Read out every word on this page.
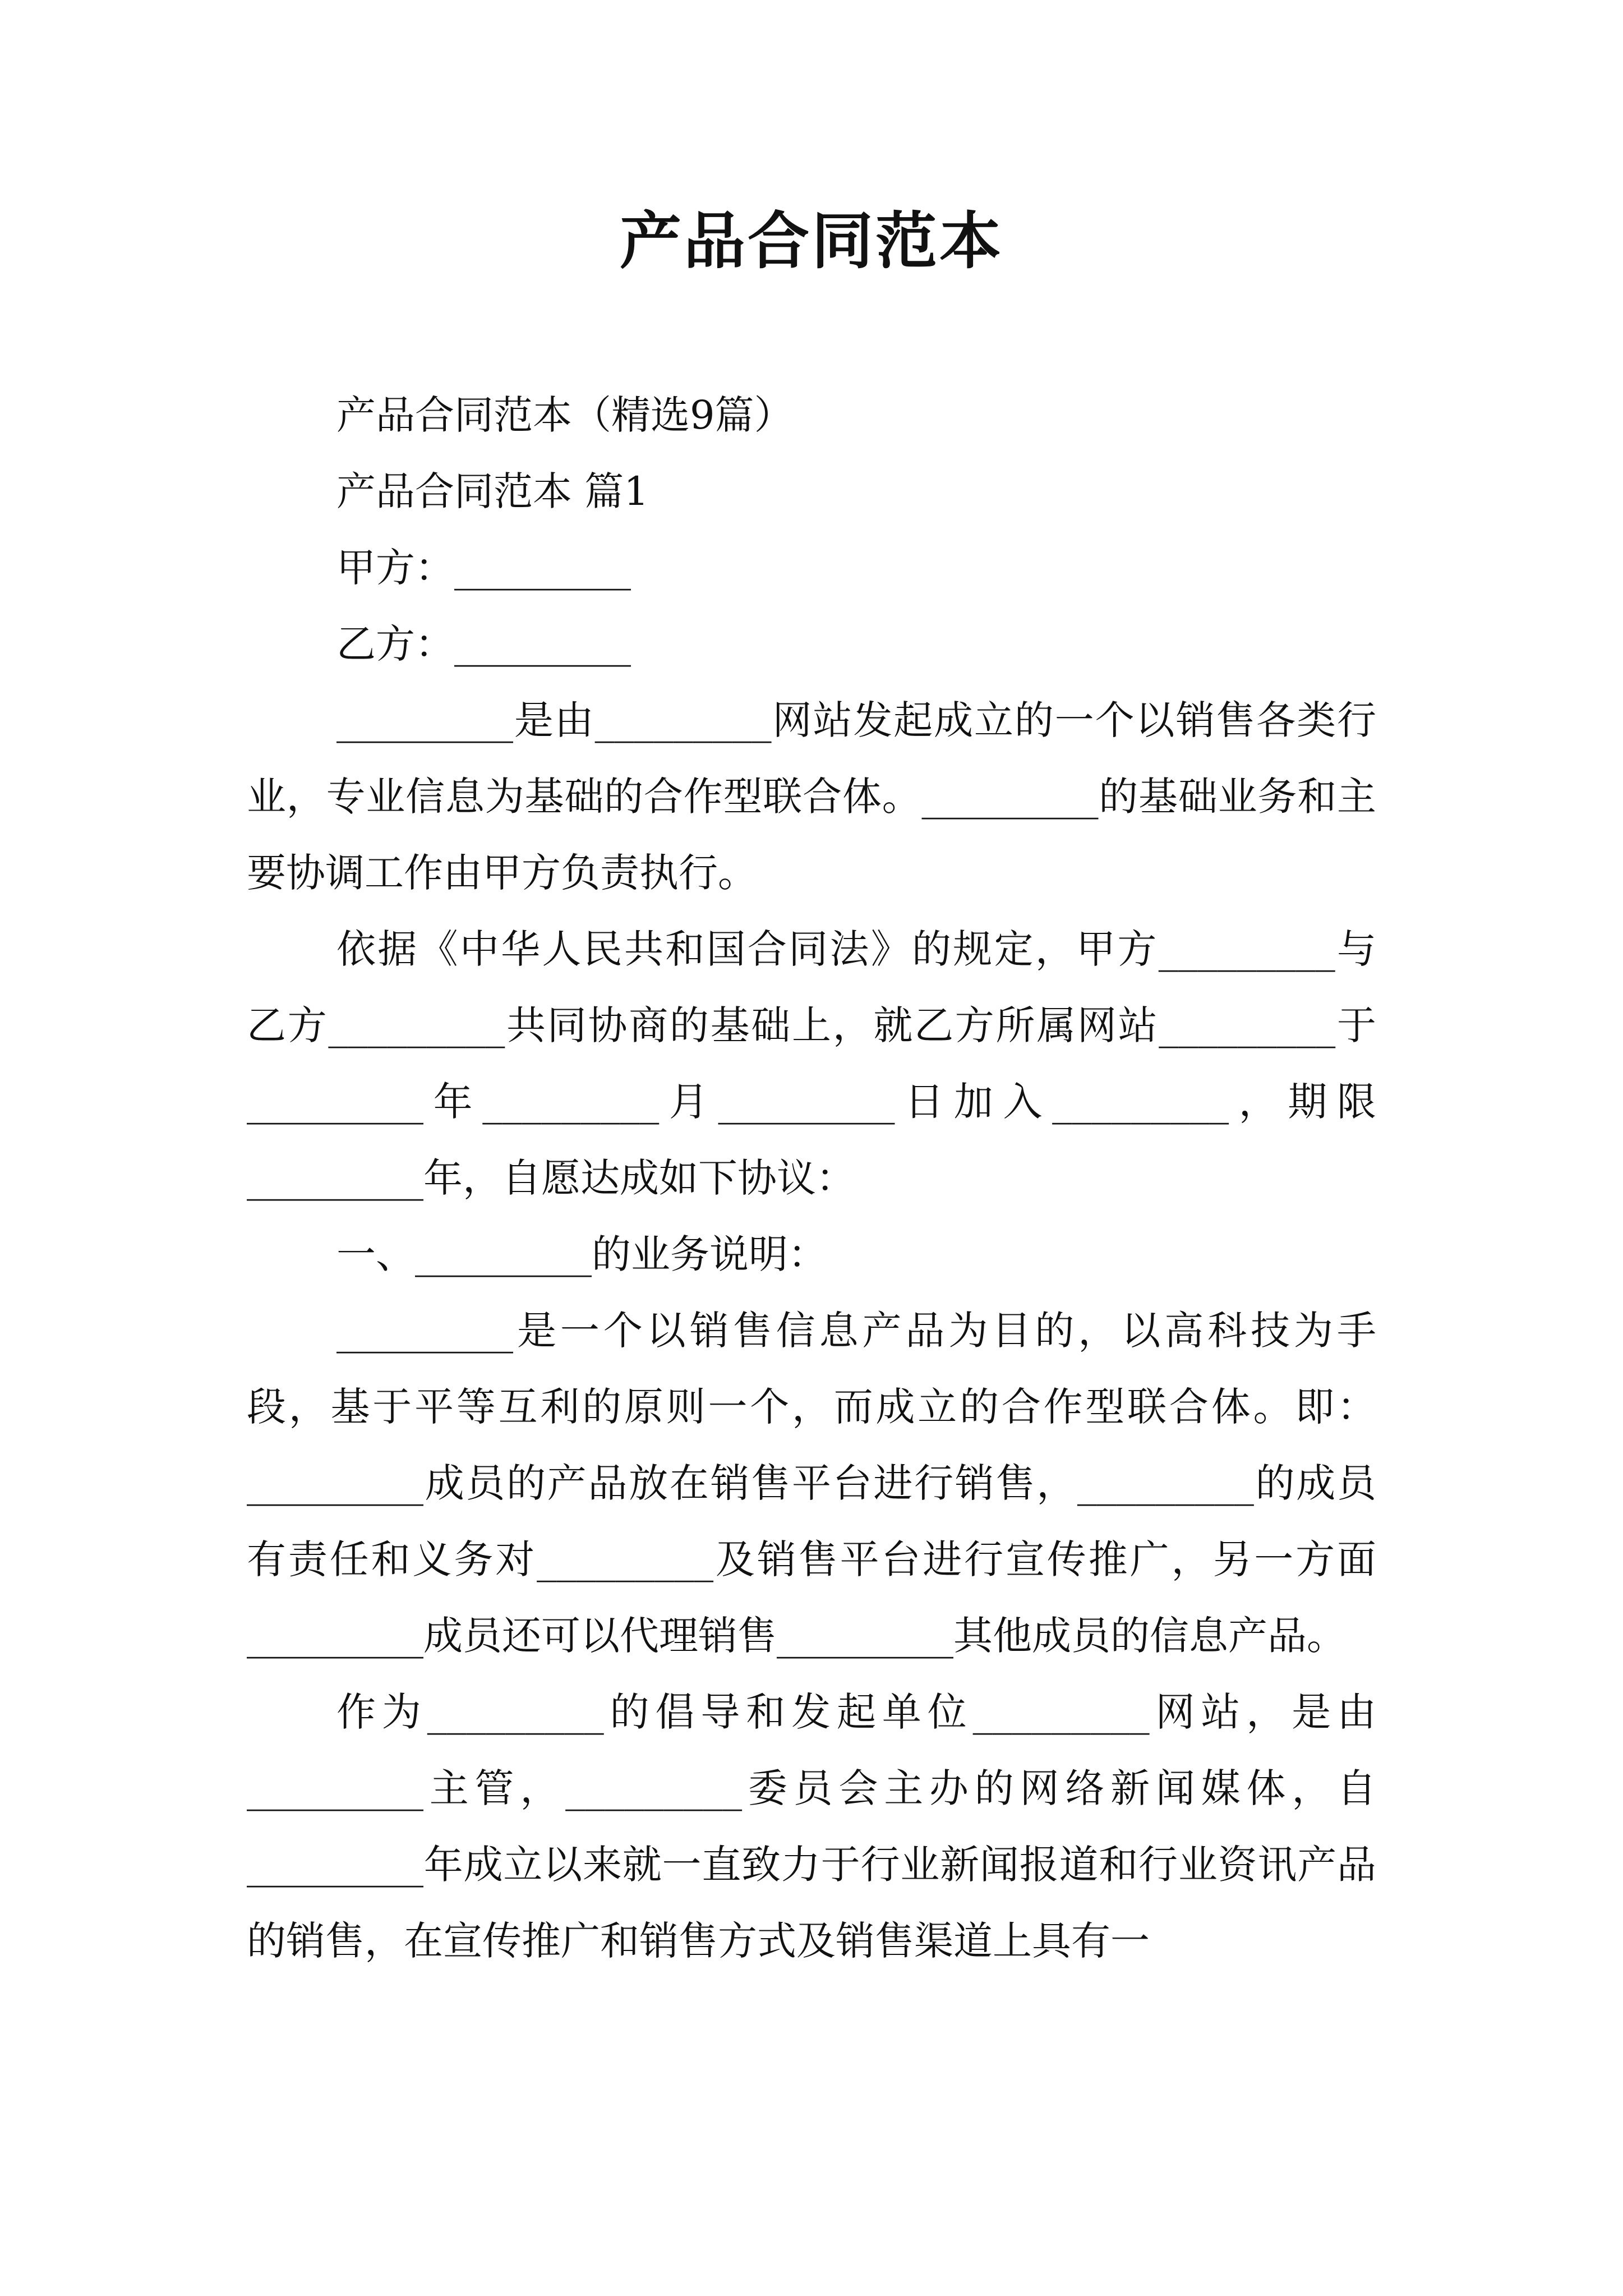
产品合同范本

产品合同范本（精选9篇）

产品合同范本 篇1

甲方：_________

乙方：_________

_________是由_________网站发起成立的一个以销售各类行业，专业信息为基础的合作型联合体。_________的基础业务和主要协调工作由甲方负责执行。

依据《中华人民共和国合同法》的规定，甲方_________与乙方_________共同协商的基础上，就乙方所属网站_________于_________年_________月_________日加入_________，期限_________年，自愿达成如下协议：

一、_________的业务说明：

_________是一个以销售信息产品为目的，以高科技为手段，基于平等互利的原则一个，而成立的合作型联合体。即：_________成员的产品放在销售平台进行销售，_________的成员有责任和义务对_________及销售平台进行宣传推广，另一方面_________成员还可以代理销售_________其他成员的信息产品。

作为_________的倡导和发起单位_________网站，是由_________主管，_________委员会主办的网络新闻媒体，自_________年成立以来就一直致力于行业新闻报道和行业资讯产品的销售，在宣传推广和销售方式及销售渠道上具有一
